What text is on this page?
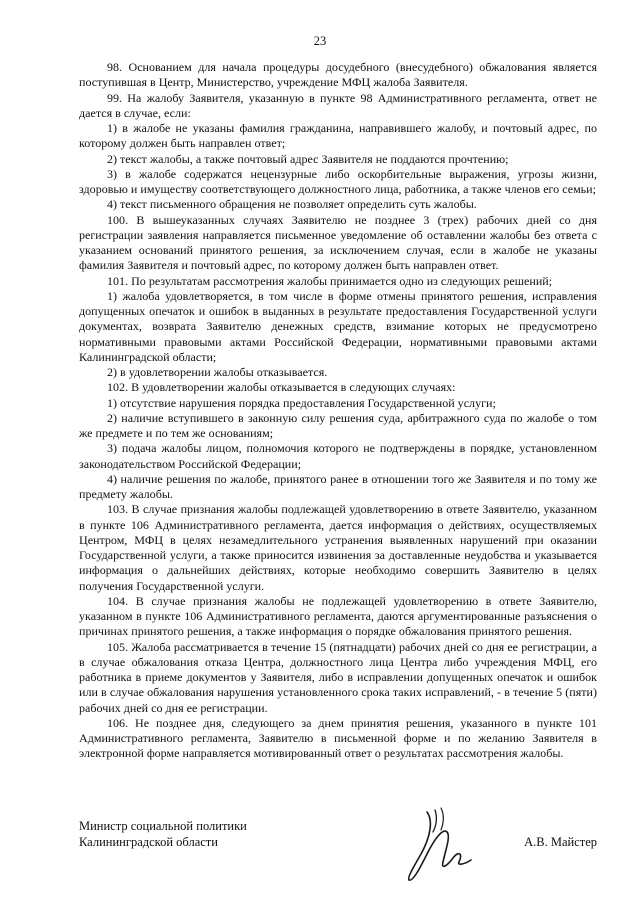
23

98. Основанием для начала процедуры досудебного (внесудебного) обжалования является поступившая в Центр, Министерство, учреждение МФЦ жалоба Заявителя.

99. На жалобу Заявителя, указанную в пункте 98 Административного регламента, ответ не дается в случае, если:

1) в жалобе не указаны фамилия гражданина, направившего жалобу, и почтовый адрес, по которому должен быть направлен ответ;

2) текст жалобы, а также почтовый адрес Заявителя не поддаются прочтению;

3) в жалобе содержатся нецензурные либо оскорбительные выражения, угрозы жизни, здоровью и имуществу соответствующего должностного лица, работника, а также членов его семьи;

4) текст письменного обращения не позволяет определить суть жалобы.

100. В вышеуказанных случаях Заявителю не позднее 3 (трех) рабочих дней со дня регистрации заявления направляется письменное уведомление об оставлении жалобы без ответа с указанием оснований принятого решения, за исключением случая, если в жалобе не указаны фамилия Заявителя и почтовый адрес, по которому должен быть направлен ответ.

101. По результатам рассмотрения жалобы принимается одно из следующих решений;

1) жалоба удовлетворяется, в том числе в форме отмены принятого решения, исправления допущенных опечаток и ошибок в выданных в результате предоставления Государственной услуги документах, возврата Заявителю денежных средств, взимание которых не предусмотрено нормативными правовыми актами Российской Федерации, нормативными правовыми актами Калининградской области;

2) в удовлетворении жалобы отказывается.

102. В удовлетворении жалобы отказывается в следующих случаях:

1) отсутствие нарушения порядка предоставления Государственной услуги;

2) наличие вступившего в законную силу решения суда, арбитражного суда по жалобе о том же предмете и по тем же основаниям;

3) подача жалобы лицом, полномочия которого не подтверждены в порядке, установленном законодательством Российской Федерации;

4) наличие решения по жалобе, принятого ранее в отношении того же Заявителя и по тому же предмету жалобы.

103. В случае признания жалобы подлежащей удовлетворению в ответе Заявителю, указанном в пункте 106 Административного регламента, дается информация о действиях, осуществляемых Центром, МФЦ в целях незамедлительного устранения выявленных нарушений при оказании Государственной услуги, а также приносится извинения за доставленные неудобства и указывается информация о дальнейших действиях, которые необходимо совершить Заявителю в целях получения Государственной услуги.

104. В случае признания жалобы не подлежащей удовлетворению в ответе Заявителю, указанном в пункте 106 Административного регламента, даются аргументированные разъяснения о причинах принятого решения, а также информация о порядке обжалования принятого решения.

105. Жалоба рассматривается в течение 15 (пятнадцати) рабочих дней со дня ее регистрации, а в случае обжалования отказа Центра, должностного лица Центра либо учреждения МФЦ, его работника в приеме документов у Заявителя, либо в исправлении допущенных опечаток и ошибок или в случае обжалования нарушения установленного срока таких исправлений, - в течение 5 (пяти) рабочих дней со дня ее регистрации.

106. Не позднее дня, следующего за днем принятия решения, указанного в пункте 101 Административного регламента, Заявителю в письменной форме и по желанию Заявителя в электронной форме направляется мотивированный ответ о результатах рассмотрения жалобы.

Министр социальной политики
Калининградской области	А.В. Майстер
